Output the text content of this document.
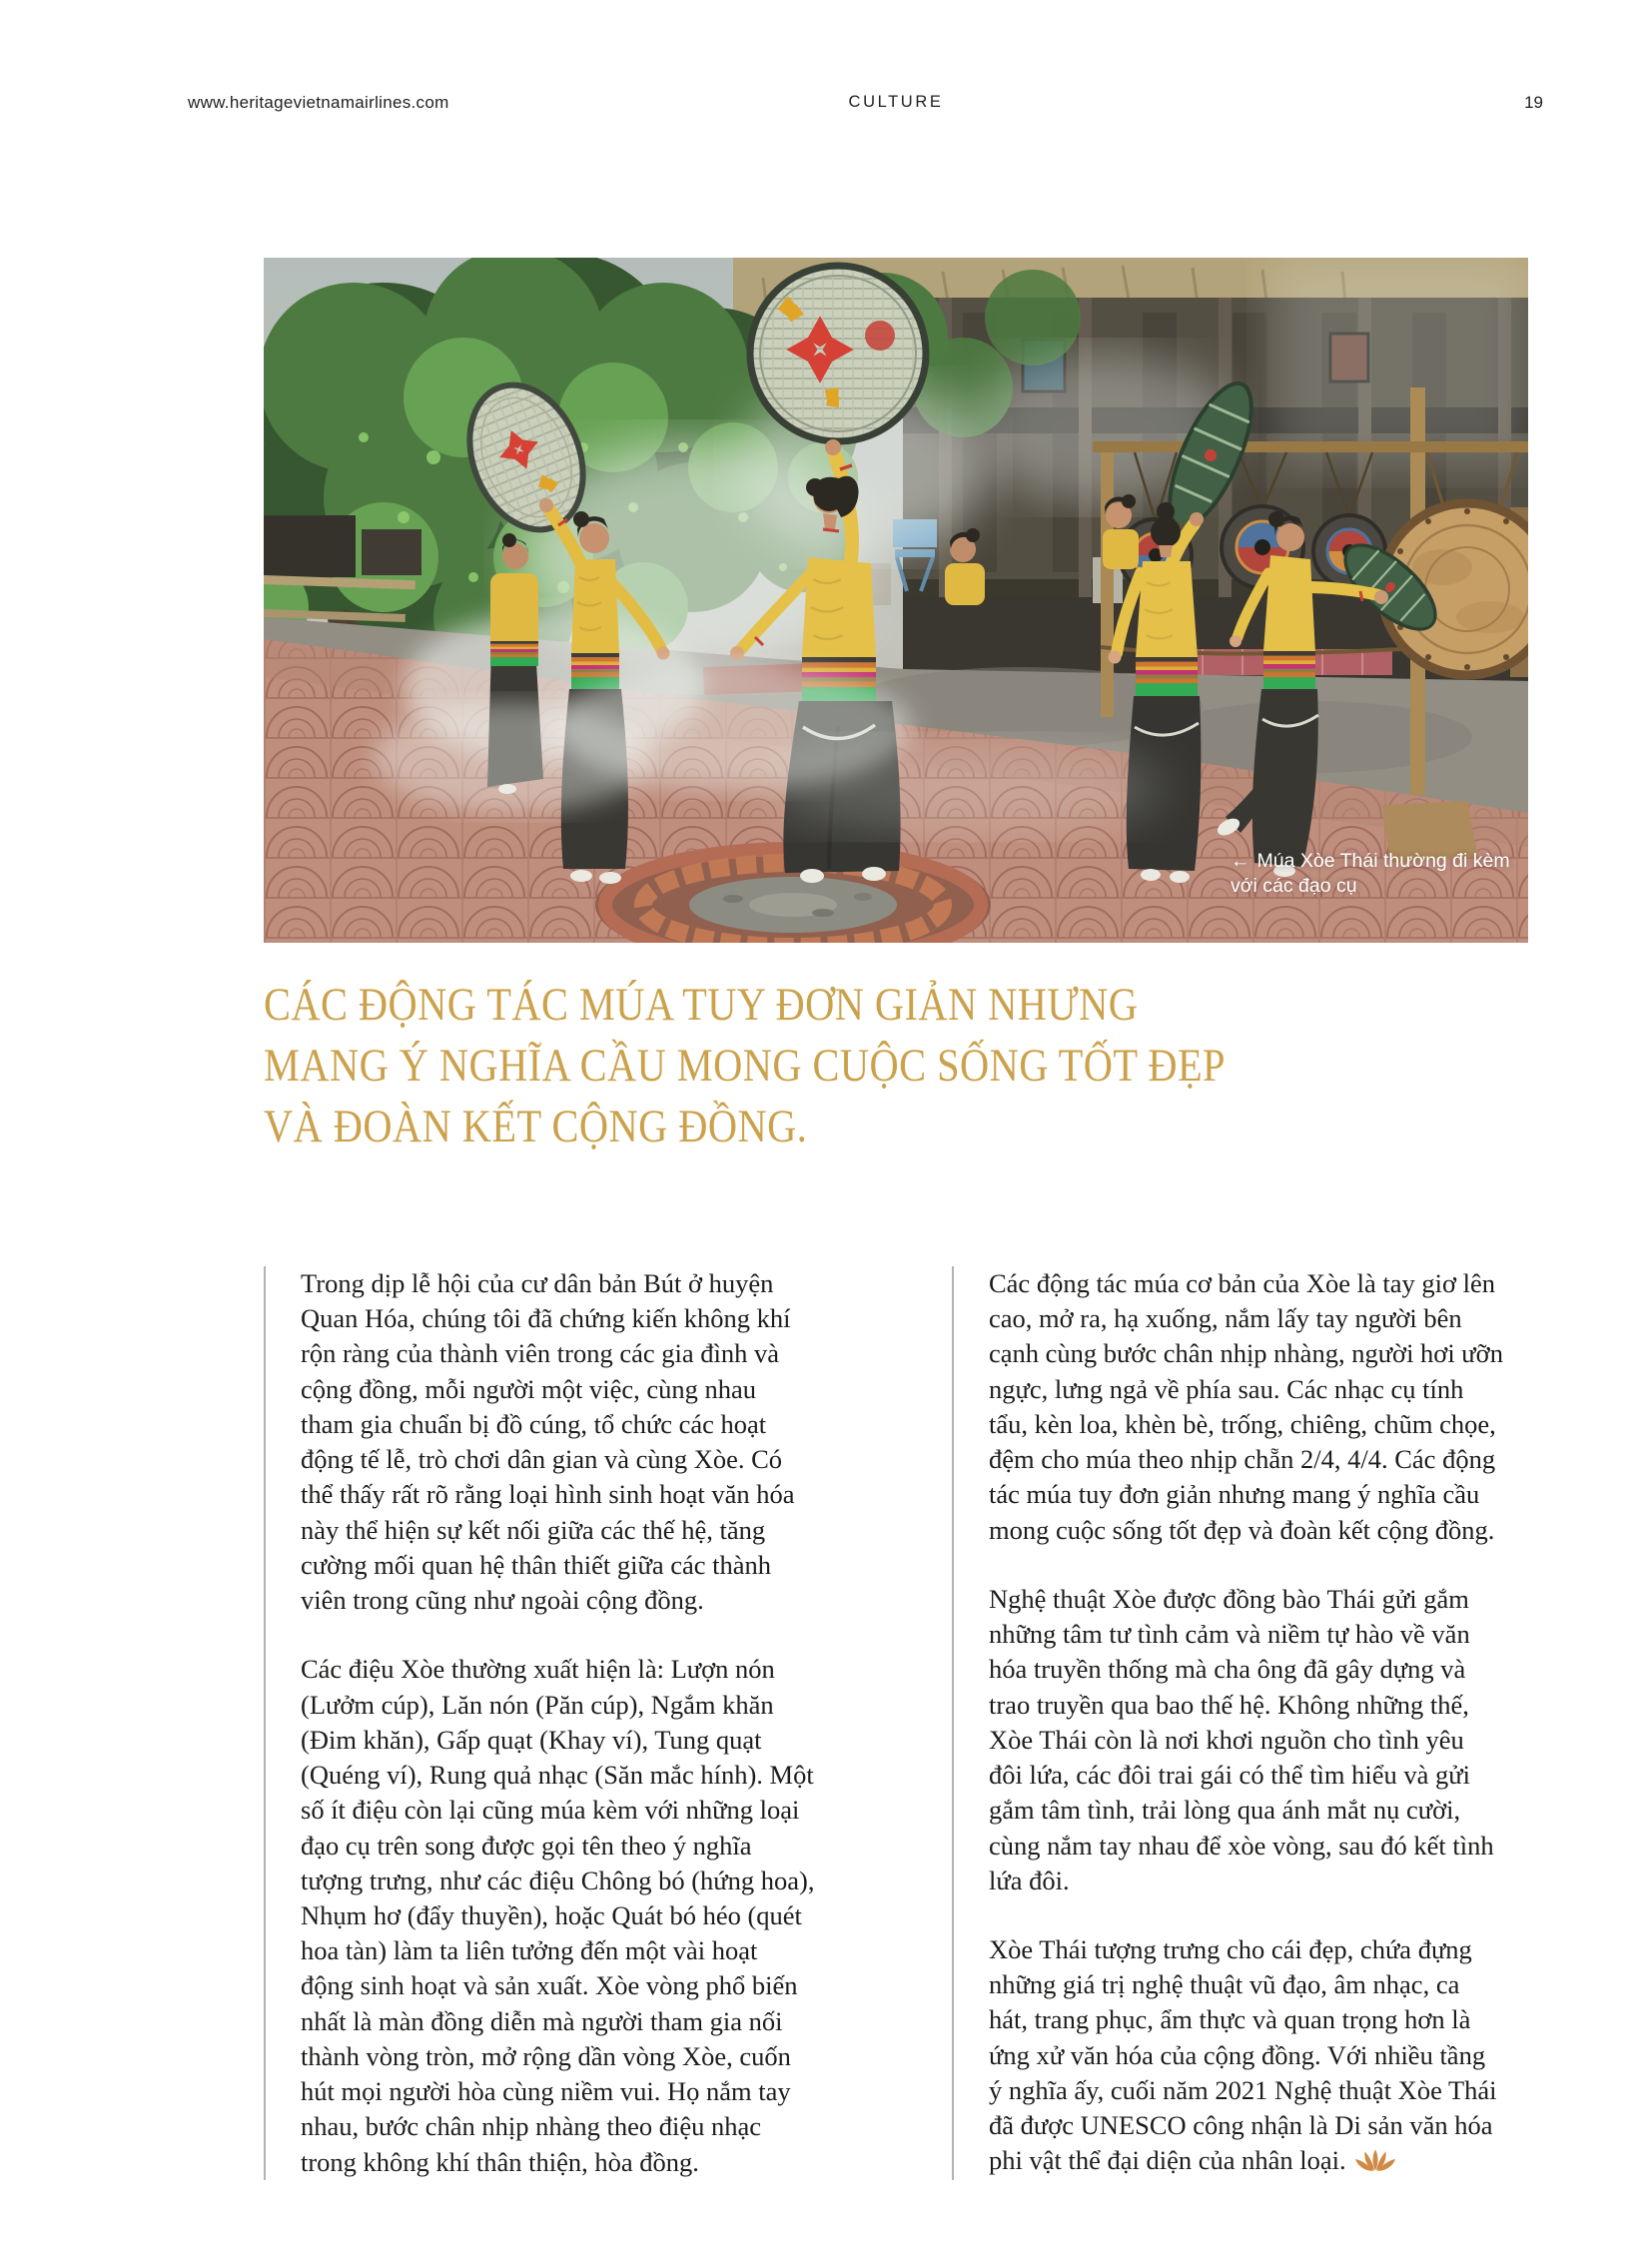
www.heritagevietnamairlines.com	CULTURE	19
← Múa Xòe Thái thường đi kèm
với các đạo cụ
CÁC ĐỘNG TÁC MÚA TUY ĐƠN GIẢN NHƯNG
MANG Ý NGHĨA CẦU MONG CUỘC SỐNG TỐT ĐẸP
VÀ ĐOÀN KẾT CỘNG ĐỒNG.

Trong dịp lễ hội của cư dân bản Bút ở huyện Quan Hóa, chúng tôi đã chứng kiến không khí rộn ràng của thành viên trong các gia đình và cộng đồng, mỗi người một việc, cùng nhau tham gia chuẩn bị đồ cúng, tổ chức các hoạt động tế lễ, trò chơi dân gian và cùng Xòe. Có thể thấy rất rõ rằng loại hình sinh hoạt văn hóa này thể hiện sự kết nối giữa các thế hệ, tăng cường mối quan hệ thân thiết giữa các thành viên trong cũng như ngoài cộng đồng.

Các điệu Xòe thường xuất hiện là: Lượn nón (Lưởm cúp), Lăn nón (Păn cúp), Ngắm khăn (Đim khăn), Gấp quạt (Khay ví), Tung quạt (Quéng ví), Rung quả nhạc (Săn mắc hính). Một số ít điệu còn lại cũng múa kèm với những loại đạo cụ trên song được gọi tên theo ý nghĩa tượng trưng, như các điệu Chông bó (hứng hoa), Nhụm hơ (đẩy thuyền), hoặc Quát bó héo (quét hoa tàn) làm ta liên tưởng đến một vài hoạt động sinh hoạt và sản xuất. Xòe vòng phổ biến nhất là màn đồng diễn mà người tham gia nối thành vòng tròn, mở rộng dần vòng Xòe, cuốn hút mọi người hòa cùng niềm vui. Họ nắm tay nhau, bước chân nhịp nhàng theo điệu nhạc trong không khí thân thiện, hòa đồng.

Các động tác múa cơ bản của Xòe là tay giơ lên cao, mở ra, hạ xuống, nắm lấy tay người bên cạnh cùng bước chân nhịp nhàng, người hơi ưỡn ngực, lưng ngả về phía sau. Các nhạc cụ tính tẩu, kèn loa, khèn bè, trống, chiêng, chũm chọe, đệm cho múa theo nhịp chẵn 2/4, 4/4. Các động tác múa tuy đơn giản nhưng mang ý nghĩa cầu mong cuộc sống tốt đẹp và đoàn kết cộng đồng.

Nghệ thuật Xòe được đồng bào Thái gửi gắm những tâm tư tình cảm và niềm tự hào về văn hóa truyền thống mà cha ông đã gây dựng và trao truyền qua bao thế hệ. Không những thế, Xòe Thái còn là nơi khơi nguồn cho tình yêu đôi lứa, các đôi trai gái có thể tìm hiểu và gửi gắm tâm tình, trải lòng qua ánh mắt nụ cười, cùng nắm tay nhau để xòe vòng, sau đó kết tình lứa đôi.

Xòe Thái tượng trưng cho cái đẹp, chứa đựng những giá trị nghệ thuật vũ đạo, âm nhạc, ca hát, trang phục, ẩm thực và quan trọng hơn là ứng xử văn hóa của cộng đồng. Với nhiều tầng ý nghĩa ấy, cuối năm 2021 Nghệ thuật Xòe Thái đã được UNESCO công nhận là Di sản văn hóa phi vật thể đại diện của nhân loại.
